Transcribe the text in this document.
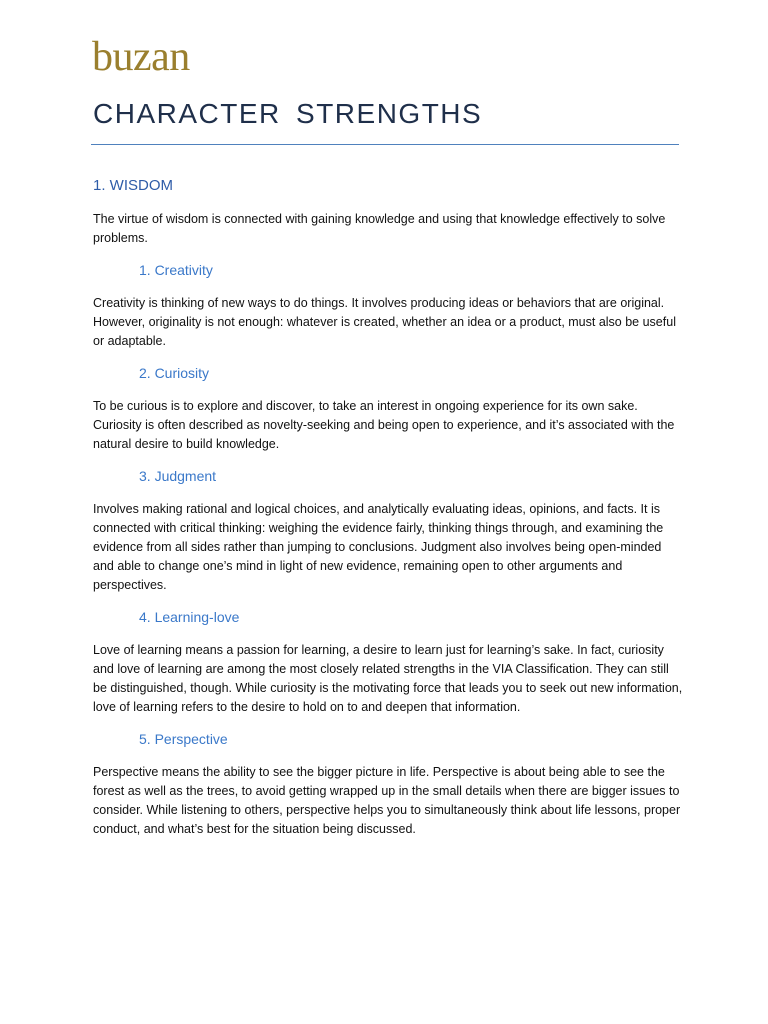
buzan
CHARACTER STRENGTHS
1. WISDOM

The virtue of wisdom is connected with gaining knowledge and using that knowledge effectively to solve problems.

1. Creativity

Creativity is thinking of new ways to do things. It involves producing ideas or behaviors that are original. However, originality is not enough: whatever is created, whether an idea or a product, must also be useful or adaptable.

2. Curiosity

To be curious is to explore and discover, to take an interest in ongoing experience for its own sake. Curiosity is often described as novelty-seeking and being open to experience, and it’s associated with the natural desire to build knowledge.

3. Judgment

Involves making rational and logical choices, and analytically evaluating ideas, opinions, and facts. It is connected with critical thinking: weighing the evidence fairly, thinking things through, and examining the evidence from all sides rather than jumping to conclusions. Judgment also involves being open-minded and able to change one’s mind in light of new evidence, remaining open to other arguments and perspectives.

4. Learning-love

Love of learning means a passion for learning, a desire to learn just for learning’s sake. In fact, curiosity and love of learning are among the most closely related strengths in the VIA Classification. They can still be distinguished, though. While curiosity is the motivating force that leads you to seek out new information, love of learning refers to the desire to hold on to and deepen that information.

5. Perspective

Perspective means the ability to see the bigger picture in life. Perspective is about being able to see the forest as well as the trees, to avoid getting wrapped up in the small details when there are bigger issues to consider. While listening to others, perspective helps you to simultaneously think about life lessons, proper conduct, and what’s best for the situation being discussed.
